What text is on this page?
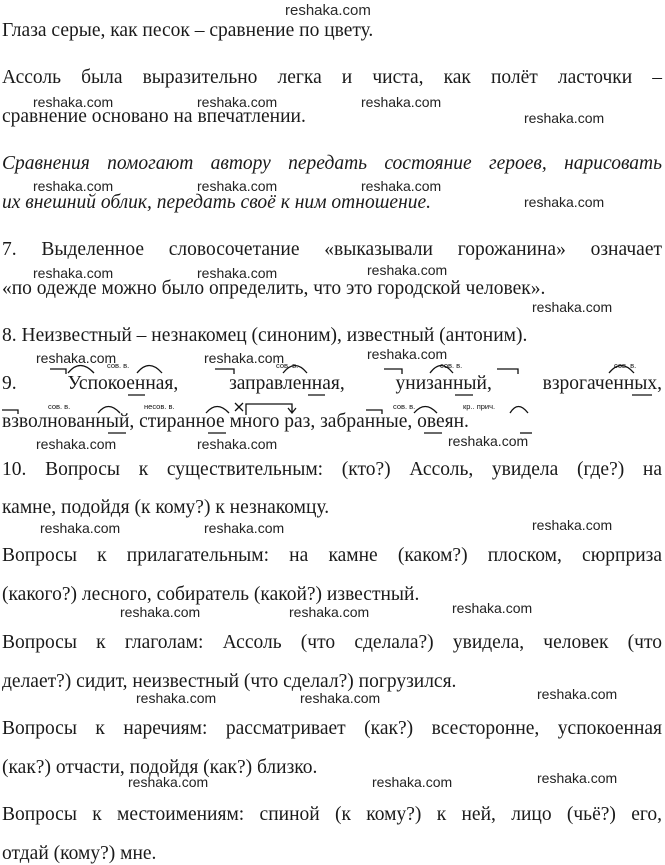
reshaka.com
Глаза серые, как песок – сравнение по цвету.
Ассоль была выразительно легка и чиста, как полёт ласточки –
сравнение основано на впечатлении.
Сравнения помогают автору передать состояние героев, нарисовать
их внешний облик, передать своё к ним отношение.
7. Выделенное словосочетание «выказывали горожанина» означает
«по одежде можно было определить, что это городской человек».
8. Неизвестный – незнакомец (синоним), известный (антоним).
9. Успокоенная, заправленная, унизанный, взрогаченных,
взволнованный, стиранное много раз, забранные, овеян.
10. Вопросы к существительным: (кто?) Ассоль, увидела (где?) на
камне, подойдя (к кому?) к незнакомцу.
Вопросы к прилагательным: на камне (каком?) плоском, сюрприза
(какого?) лесного, собиратель (какой?) известный.
Вопросы к глаголам: Ассоль (что сделала?) увидела, человек (что
делает?) сидит, неизвестный (что сделал?) погрузился.
Вопросы к наречиям: рассматривает (как?) всесторонне, успокоенная
(как?) отчасти, подойдя (как?) близко.
Вопросы к местоимениям: спиной (к кому?) к ней, лицо (чьё?) его,
отдай (кому?) мне.
сов. в.	сов. в.	сов. в.	сов. в.
сов. в.	несов. в.	сов. в.	кр.. прич.
reshaka.com	reshaka.com	reshaka.com
reshaka.com
reshaka.com	reshaka.com	reshaka.com
reshaka.com
reshaka.com	reshaka.com	reshaka.com
reshaka.com
reshaka.com	reshaka.com	reshaka.com
reshaka.com	reshaka.com	reshaka.com
reshaka.com	reshaka.com	reshaka.com
reshaka.com	reshaka.com	reshaka.com
reshaka.com	reshaka.com	reshaka.com
reshaka.com	reshaka.com	reshaka.com
